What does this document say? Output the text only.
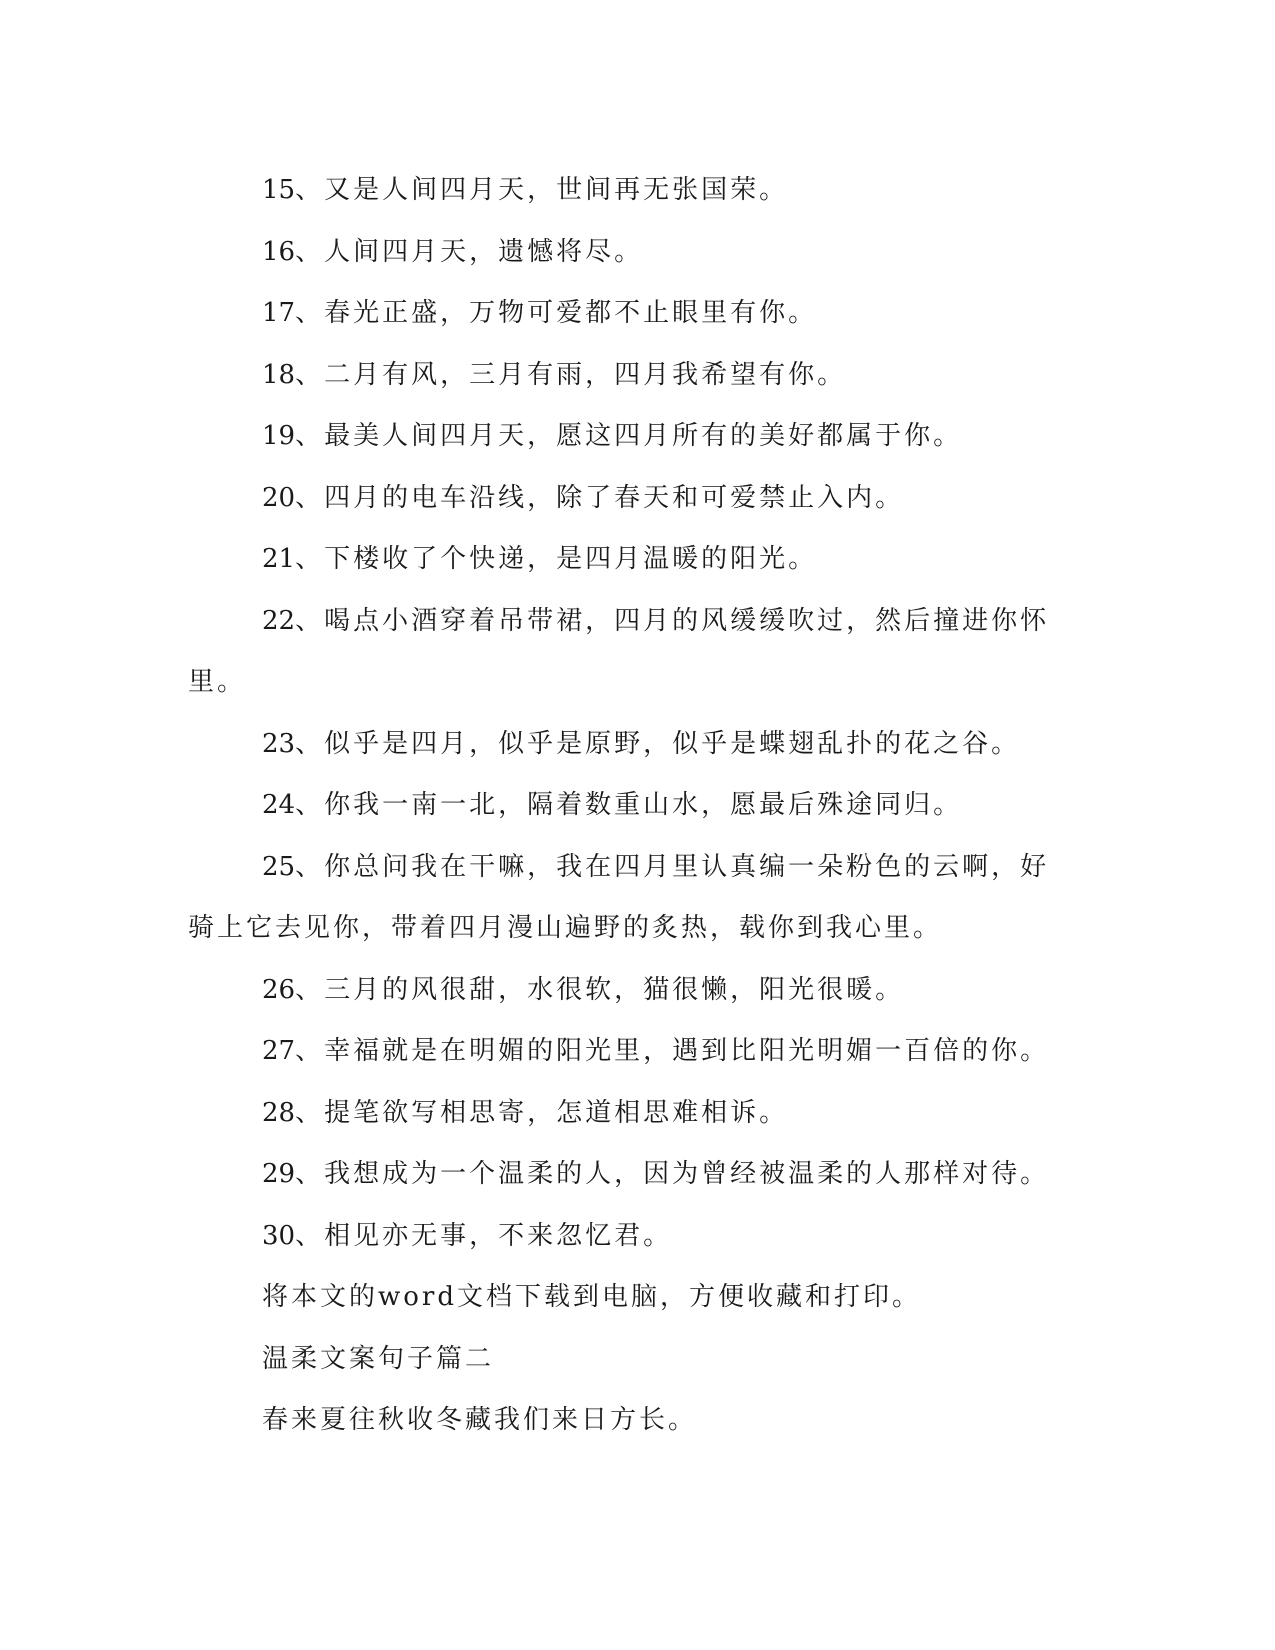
15、又是人间四月天，世间再无张国荣。

16、人间四月天，遗憾将尽。

17、春光正盛，万物可爱都不止眼里有你。

18、二月有风，三月有雨，四月我希望有你。

19、最美人间四月天，愿这四月所有的美好都属于你。

20、四月的电车沿线，除了春天和可爱禁止入内。

21、下楼收了个快递，是四月温暖的阳光。

22、喝点小酒穿着吊带裙，四月的风缓缓吹过，然后撞进你怀里。

23、似乎是四月，似乎是原野，似乎是蝶翅乱扑的花之谷。

24、你我一南一北，隔着数重山水，愿最后殊途同归。

25、你总问我在干嘛，我在四月里认真编一朵粉色的云啊，好骑上它去见你，带着四月漫山遍野的炙热，载你到我心里。

26、三月的风很甜，水很软，猫很懒，阳光很暖。

27、幸福就是在明媚的阳光里，遇到比阳光明媚一百倍的你。

28、提笔欲写相思寄，怎道相思难相诉。

29、我想成为一个温柔的人，因为曾经被温柔的人那样对待。

30、相见亦无事，不来忽忆君。

将本文的word文档下载到电脑，方便收藏和打印。

温柔文案句子篇二

春来夏往秋收冬藏我们来日方长。
